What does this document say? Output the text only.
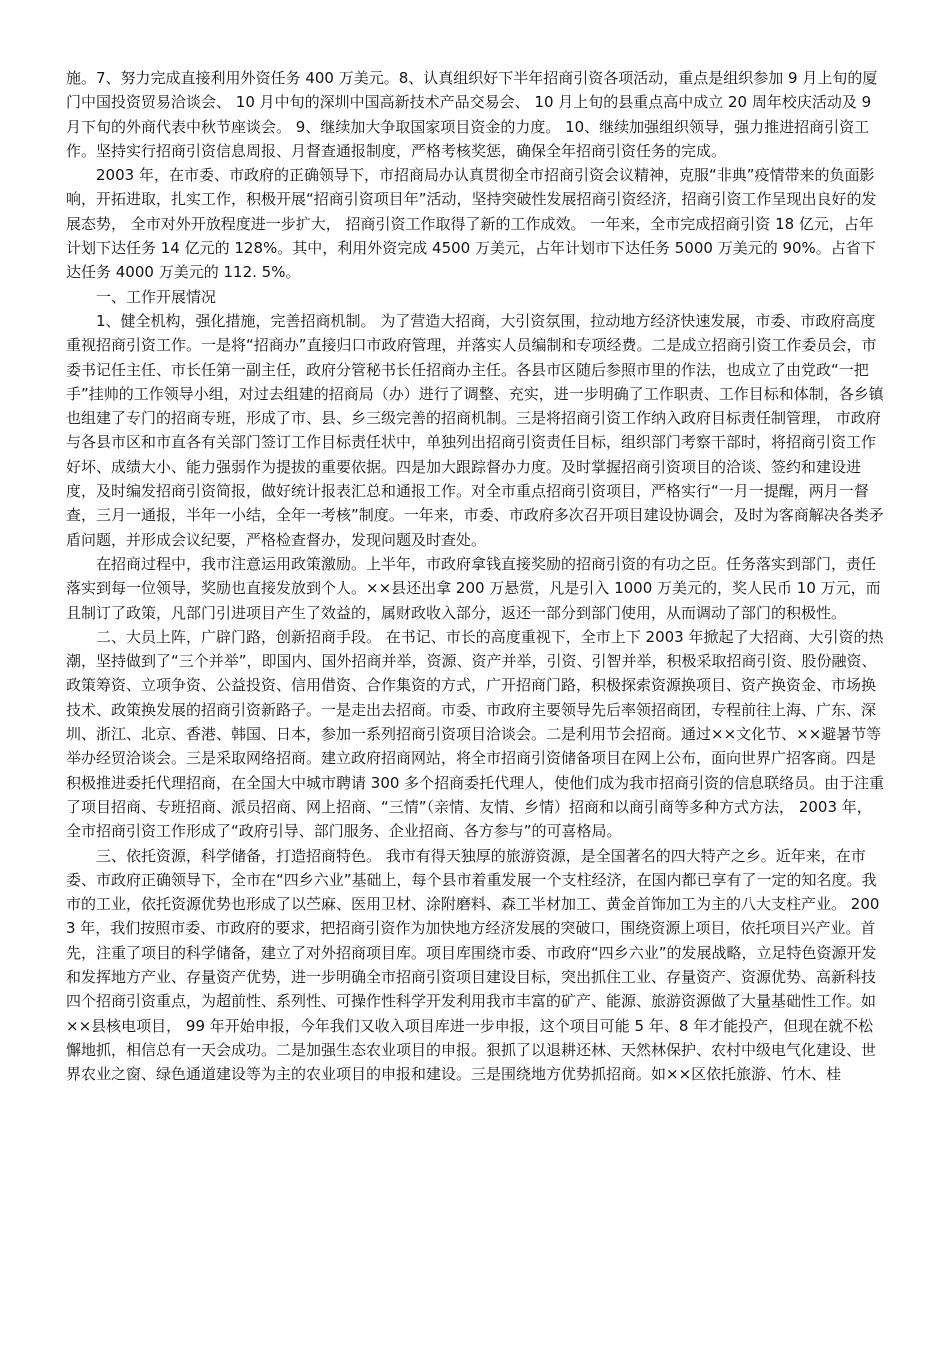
施。7、努力完成直接利用外资任务 400 万美元。8、认真组织好下半年招商引资各项活动，重点是组织参加 9 月上旬的厦门中国投资贸易洽谈会、 10 月中旬的深圳中国高新技术产品交易会、 10 月上旬的县重点高中成立 20 周年校庆活动及 9 月下旬的外商代表中秋节座谈会。 9、继续加大争取国家项目资金的力度。 10、继续加强组织领导，强力推进招商引资工作。坚持实行招商引资信息周报、月督查通报制度，严格考核奖惩，确保全年招商引资任务的完成。

2003 年，在市委、市政府的正确领导下，市招商局办认真贯彻全市招商引资会议精神，克服“非典”疫情带来的负面影响，开拓进取，扎实工作，积极开展“招商引资项目年”活动，坚持突破性发展招商引资经济，招商引资工作呈现出良好的发展态势， 全市对外开放程度进一步扩大， 招商引资工作取得了新的工作成效。 一年来，全市完成招商引资 18 亿元，占年计划下达任务 14 亿元的 128%。其中，利用外资完成 4500 万美元，占年计划市下达任务 5000 万美元的 90%。占省下达任务 4000 万美元的 112. 5%。

一、工作开展情况

1、健全机构，强化措施，完善招商机制。 为了营造大招商，大引资氛围，拉动地方经济快速发展，市委、市政府高度重视招商引资工作。一是将“招商办”直接归口市政府管理，并落实人员编制和专项经费。二是成立招商引资工作委员会，市委书记任主任、市长任第一副主任，政府分管秘书长任招商办主任。各县市区随后参照市里的作法，也成立了由党政“一把手”挂帅的工作领导小组，对过去组建的招商局（办）进行了调整、充实，进一步明确了工作职责、工作目标和体制，各乡镇也组建了专门的招商专班，形成了市、县、乡三级完善的招商机制。三是将招商引资工作纳入政府目标责任制管理， 市政府与各县市区和市直各有关部门签订工作目标责任状中，单独列出招商引资责任目标，组织部门考察干部时，将招商引资工作好坏、成绩大小、能力强弱作为提拔的重要依据。四是加大跟踪督办力度。及时掌握招商引资项目的洽谈、签约和建设进度，及时编发招商引资简报，做好统计报表汇总和通报工作。对全市重点招商引资项目，严格实行“一月一提醒，两月一督查，三月一通报，半年一小结，全年一考核”制度。一年来，市委、市政府多次召开项目建设协调会，及时为客商解决各类矛盾问题，并形成会议纪要，严格检查督办，发现问题及时查处。

在招商过程中，我市注意运用政策激励。上半年，市政府拿钱直接奖励的招商引资的有功之臣。任务落实到部门，责任落实到每一位领导，奖励也直接发放到个人。××县还出拿 200 万悬赏，凡是引入 1000 万美元的，奖人民币 10 万元，而且制订了政策，凡部门引进项目产生了效益的，属财政收入部分，返还一部分到部门使用，从而调动了部门的积极性。

二、大员上阵，广辟门路，创新招商手段。 在书记、市长的高度重视下，全市上下 2003 年掀起了大招商、大引资的热潮，坚持做到了“三个并举”，即国内、国外招商并举，资源、资产并举，引资、引智并举，积极采取招商引资、股份融资、政策筹资、立项争资、公益投资、信用借资、合作集资的方式，广开招商门路，积极探索资源换项目、资产换资金、市场换技术、政策换发展的招商引资新路子。一是走出去招商。市委、市政府主要领导先后率领招商团，专程前往上海、广东、深圳、浙江、北京、香港、韩国、日本，参加一系列招商引资项目洽谈会。二是利用节会招商。通过××文化节、××避暑节等举办经贸洽谈会。三是采取网络招商。建立政府招商网站，将全市招商引资储备项目在网上公布，面向世界广招客商。四是积极推进委托代理招商，在全国大中城市聘请 300 多个招商委托代理人，使他们成为我市招商引资的信息联络员。由于注重了项目招商、专班招商、派员招商、网上招商、“三情”（亲情、友情、乡情）招商和以商引商等多种方式方法， 2003 年，全市招商引资工作形成了“政府引导、部门服务、企业招商、各方参与”的可喜格局。

三、依托资源，科学储备，打造招商特色。 我市有得天独厚的旅游资源，是全国著名的四大特产之乡。近年来，在市委、市政府正确领导下，全市在“四乡六业”基础上，每个县市着重发展一个支柱经济，在国内都已享有了一定的知名度。我市的工业，依托资源优势也形成了以苎麻、医用卫材、涂附磨料、森工半材加工、黄金首饰加工为主的八大支柱产业。 2003 年，我们按照市委、市政府的要求，把招商引资作为加快地方经济发展的突破口，围绕资源上项目，依托项目兴产业。首先，注重了项目的科学储备，建立了对外招商项目库。项目库围绕市委、市政府“四乡六业”的发展战略，立足特色资源开发和发挥地方产业、存量资产优势，进一步明确全市招商引资项目建设目标，突出抓住工业、存量资产、资源优势、高新科技四个招商引资重点，为超前性、系列性、可操作性科学开发利用我市丰富的矿产、能源、旅游资源做了大量基础性工作。如××县核电项目， 99 年开始申报，今年我们又收入项目库进一步申报，这个项目可能 5 年、8 年才能投产，但现在就不松懈地抓，相信总有一天会成功。二是加强生态农业项目的申报。狠抓了以退耕还林、天然林保护、农村中级电气化建设、世界农业之窗、绿色通道建设等为主的农业项目的申报和建设。三是围绕地方优势抓招商。如××区依托旅游、竹木、桂
